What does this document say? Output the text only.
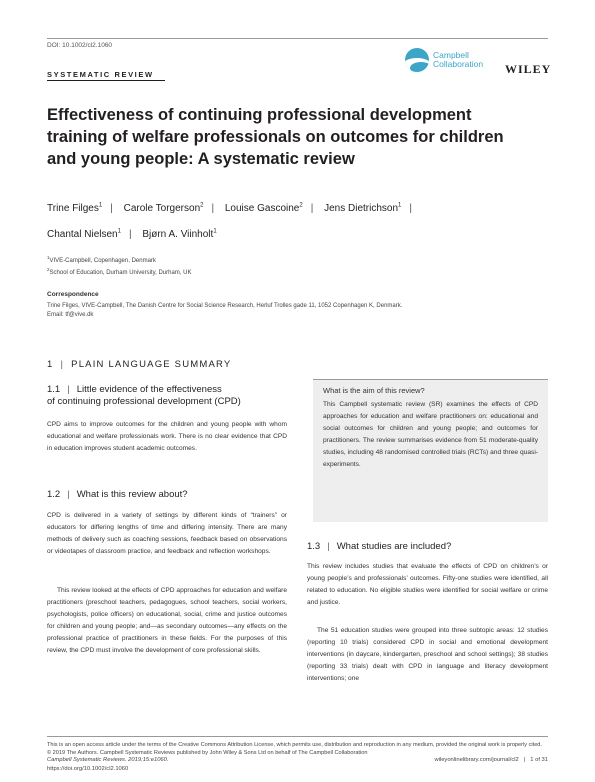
DOI: 10.1002/cl2.1060
SYSTEMATIC REVIEW
Campbell
Collaboration WILEY
Effectiveness of continuing professional development training of welfare professionals on outcomes for children and young people: A systematic review
Trine Filges$^1$ | Carole Torgerson$^2$ | Louise Gascoine$^2$ | Jens Dietrichson$^1$ |
Chantal Nielsen$^1$ | Bjørn A. Viinholt$^1$
$^1$VIVE-Campbell, Copenhagen, Denmark
$^2$School of Education, Durham University, Durham, UK
Correspondence
Trine Filges, VIVE-Campbell, The Danish Centre for Social Science Research, Herluf Trolles gade 11, 1052 Copenhagen K, Denmark.
Email: tf@vive.dk
1 | PLAIN LANGUAGE SUMMARY
1.1 | Little evidence of the effectiveness
of continuing professional development (CPD)

CPD aims to improve outcomes for the children and young people with whom educational and welfare professionals work. There is no clear evidence that CPD in education improves student academic outcomes.

1.2 | What is this review about?

CPD is delivered in a variety of settings by different kinds of “trainers” or educators for differing lengths of time and differing intensity. There are many methods of delivery such as coaching sessions, feedback based on observations or videotapes of classroom practice, and feedback and reflection workshops.

This review looked at the effects of CPD approaches for education and welfare practitioners (preschool teachers, pedagogues, school teachers, social workers, psychologists, police officers) on educational, social, crime and justice outcomes for children and young people; and—as secondary outcomes—any effects on the professional practice of practitioners in these fields. For the purposes of this review, the CPD must involve the development of core professional skills.

What is the aim of this review?

This Campbell systematic review (SR) examines the effects of CPD approaches for education and welfare practitioners on: educational and social outcomes for children and young people; and outcomes for practitioners. The review summarises evidence from 51 moderate-quality studies, including 48 randomised controlled trials (RCTs) and three quasi-experiments.

1.3 | What studies are included?

This review includes studies that evaluate the effects of CPD on children’s or young people’s and professionals’ outcomes. Fifty-one studies were identified, all related to education. No eligible studies were identified for social welfare or crime and justice.

The 51 education studies were grouped into three subtopic areas: 12 studies (reporting 10 trials) considered CPD in social and emotional development interventions (in daycare, kindergarten, preschool and school settings); 38 studies (reporting 33 trials) dealt with CPD in language and literacy development interventions; one

This is an open access article under the terms of the Creative Commons Attribution License, which permits use, distribution and reproduction in any medium, provided the original work is properly cited.
© 2019 The Authors. Campbell Systematic Reviews published by John Wiley & Sons Ltd on behalf of The Campbell Collaboration
Campbell Systematic Reviews. 2019;15:e1060.
https://doi.org/10.1002/cl2.1060
wileyonlinelibrary.com/journal/cl2 | 1 of 31
